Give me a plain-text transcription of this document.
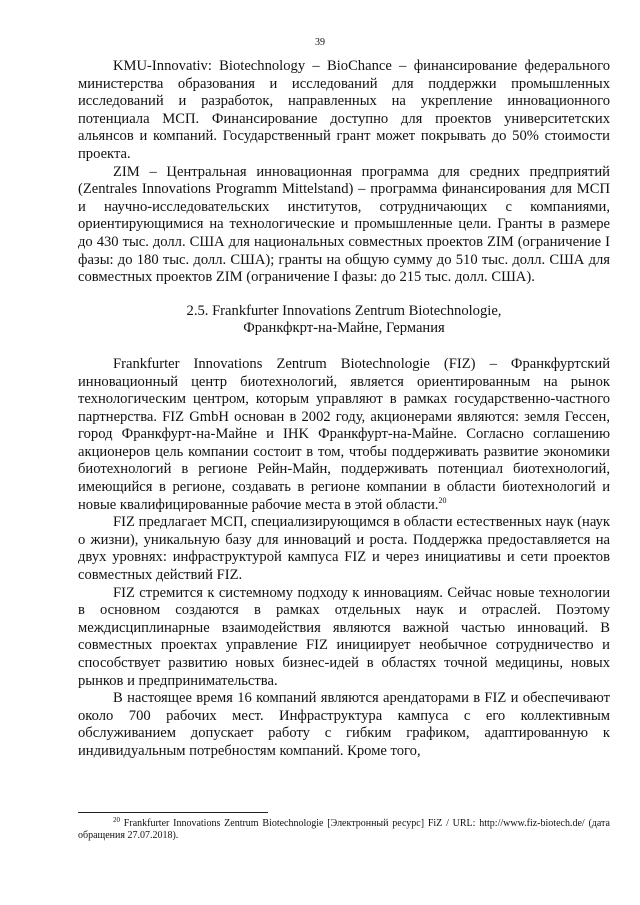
39

KMU-Innovativ: Biotechnology – BioChance – финансирование федерального министерства образования и исследований для поддержки промышленных исследований и разработок, направленных на укрепление инновационного потенциала МСП. Финансирование доступно для проектов университетских альянсов и компаний. Государственный грант может покрывать до 50% стоимости проекта.

ZIM – Центральная инновационная программа для средних предприятий (Zentrales Innovations Programm Mittelstand) – программа финансирования для МСП и научно-исследовательских институтов, сотрудничающих с компаниями, ориентирующимися на технологические и промышленные цели. Гранты в размере до 430 тыс. долл. США для национальных совместных проектов ZIM (ограничение I фазы: до 180 тыс. долл. США); гранты на общую сумму до 510 тыс. долл. США для совместных проектов ZIM (ограничение I фазы: до 215 тыс. долл. США).

2.5. Frankfurter Innovations Zentrum Biotechnologie,
Франкфкрт-на-Майне, Германия

Frankfurter Innovations Zentrum Biotechnologie (FIZ) – Франкфуртский инновационный центр биотехнологий, является ориентированным на рынок технологическим центром, которым управляют в рамках государственно-частного партнерства. FIZ GmbH основан в 2002 году, акционерами являются: земля Гессен, город Франкфурт-на-Майне и IHK Франкфурт-на-Майне. Согласно соглашению акционеров цель компании состоит в том, чтобы поддерживать развитие экономики биотехнологий в регионе Рейн-Майн, поддерживать потенциал биотехнологий, имеющийся в регионе, создавать в регионе компании в области биотехнологий и новые квалифицированные рабочие места в этой области.$^{20}$

FIZ предлагает МСП, специализирующимся в области естественных наук (наук о жизни), уникальную базу для инноваций и роста. Поддержка предоставляется на двух уровнях: инфраструктурой кампуса FIZ и через инициативы и сети проектов совместных действий FIZ.

FIZ стремится к системному подходу к инновациям. Сейчас новые технологии в основном создаются в рамках отдельных наук и отраслей. Поэтому междисциплинарные взаимодействия являются важной частью инноваций. В совместных проектах управление FIZ инициирует необычное сотрудничество и способствует развитию новых бизнес-идей в областях точной медицины, новых рынков и предпринимательства.

В настоящее время 16 компаний являются арендаторами в FIZ и обеспечивают около 700 рабочих мест. Инфраструктура кампуса с его коллективным обслуживанием допускает работу с гибким графиком, адаптированную к индивидуальным потребностям компаний. Кроме того,

$^{20}$ Frankfurter Innovations Zentrum Biotechnologie [Электронный ресурс] FiZ / URL: http://www.fiz-biotech.de/ (дата обращения 27.07.2018).
